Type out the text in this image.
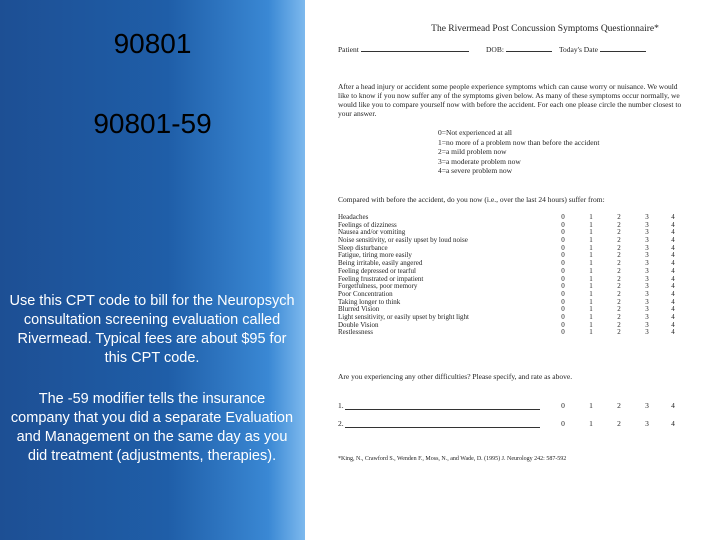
90801
90801-59
Use this CPT code to bill for the Neuropsych consultation screening evaluation called Rivermead. Typical fees are about $95 for this CPT code.
The -59 modifier tells the insurance company that you did a separate Evaluation and Management on the same day as you did treatment (adjustments, therapies).
The Rivermead Post Concussion Symptoms Questionnaire*
Patient	DOB:	Today's Date
After a head injury or accident some people experience symptoms which can cause worry or nuisance. We would like to know if you now suffer any of the symptoms given below. As many of these symptoms occur normally, we would like you to compare yourself now with before the accident. For each one please circle the number closest to your answer.
0=Not experienced at all
1=no more of a problem now than before the accident
2=a mild problem now
3=a moderate problem now
4=a severe problem now
Compared with before the accident, do you now (i.e., over the last 24 hours) suffer from:
Headaches	0	1	2	3	4
Feelings of dizziness	0	1	2	3	4
Nausea and/or vomiting	0	1	2	3	4
Noise sensitivity, or easily upset by loud noise	0	1	2	3	4
Sleep disturbance	0	1	2	3	4
Fatigue, tiring more easily	0	1	2	3	4
Being irritable, easily angered	0	1	2	3	4
Feeling depressed or tearful	0	1	2	3	4
Feeling frustrated or impatient	0	1	2	3	4
Forgetfulness, poor memory	0	1	2	3	4
Poor Concentration	0	1	2	3	4
Taking longer to think	0	1	2	3	4
Blurred Vision	0	1	2	3	4
Light sensitivity, or easily upset by bright light	0	1	2	3	4
Double Vision	0	1	2	3	4
Restlessness	0	1	2	3	4
Are you experiencing any other difficulties? Please specify, and rate as above.
1.	0	1	2	3	4
2.	0	1	2	3	4
*King, N., Crawford S., Wenden F., Moss, N., and Wade, D. (1995) J. Neurology 242: 587-592
